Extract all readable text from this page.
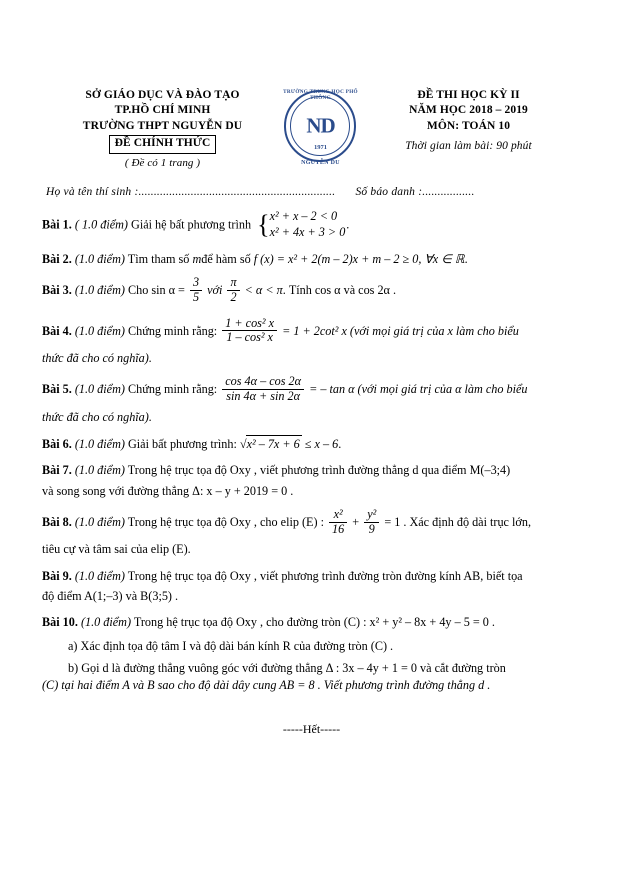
SỞ GIÁO DỤC VÀ ĐÀO TẠO
TP.HỒ CHÍ MINH
TRƯỜNG THPT NGUYỄN DU
ĐỀ CHÍNH THỨC
( Đề có 1 trang )
TRƯỜNG TRUNG HỌC PHỔ THÔNG
ND
1971
NGUYỄN DU
ĐỀ THI HỌC KỲ II
NĂM HỌC 2018 – 2019
MÔN: TOÁN 10
Thời gian làm bài: 90 phút
Họ và tên thí sinh :................................................................ Số báo danh :.................
Bài 1. ( 1.0 điểm) Giải hệ bất phương trình { x² + x – 2 < 0
x² + 4x + 3 > 0
.
Bài 2. (1.0 điểm) Tìm tham số mđể hàm số f (x) = x² + 2(m – 2)x + m – 2 ≥ 0, ∀x ∈ ℝ.
Bài 3. (1.0 điểm) Cho $\sin \alpha = \frac{3}{5}$ với $\frac{\pi}{2} < \alpha < \pi$. Tính cos α và cos 2α .
Bài 4. (1.0 điểm) Chứng minh rằng: $\frac{\text{1 + cos² x}}{\text{1 – cos² x}} = 1 + 2\cot^2$ x (với mọi giá trị của x làm cho biểu
thức đã cho có nghĩa).
Bài 5. (1.0 điểm) Chứng minh rằng: $\frac{\cos 4\alpha - \cos 2\alpha}{\sin 4\alpha + \sin 2\alpha}$ = – tan α (với mọi giá trị của α làm cho biểu
thức đã cho có nghĩa).
Bài 6. (1.0 điểm) Giải bất phương trình: √x² – 7x + 6 ≤ x – 6.
Bài 7. (1.0 điểm) Trong hệ trục tọa độ Oxy , viết phương trình đường thẳng d qua điểm M(–3;4)
và song song với đường thẳng Δ: x – y + 2019 = 0 .
Bài 8. (1.0 điểm) Trong hệ trục tọa độ Oxy , cho elip (E) : $\frac{\text{x²}}{16} + \frac{\text{y²}}{9} = 1$ . Xác định độ dài trục lớn,
tiêu cự và tâm sai của elip (E).
Bài 9. (1.0 điểm) Trong hệ trục tọa độ Oxy , viết phương trình đường tròn đường kính AB, biết tọa
độ điểm A(1;–3) và B(3;5) .
Bài 10. (1.0 điểm) Trong hệ trục tọa độ Oxy , cho đường tròn (C) : x² + y² – 8x + 4y – 5 = 0 .
a) Xác định tọa độ tâm I và độ dài bán kính R của đường tròn (C) .
b) Gọi d là đường thẳng vuông góc với đường thẳng Δ : 3x – 4y + 1 = 0 và cắt đường tròn
(C) tại hai điểm A và B sao cho độ dài dây cung AB = 8 . Viết phương trình đường thẳng d .
-----Hết-----
